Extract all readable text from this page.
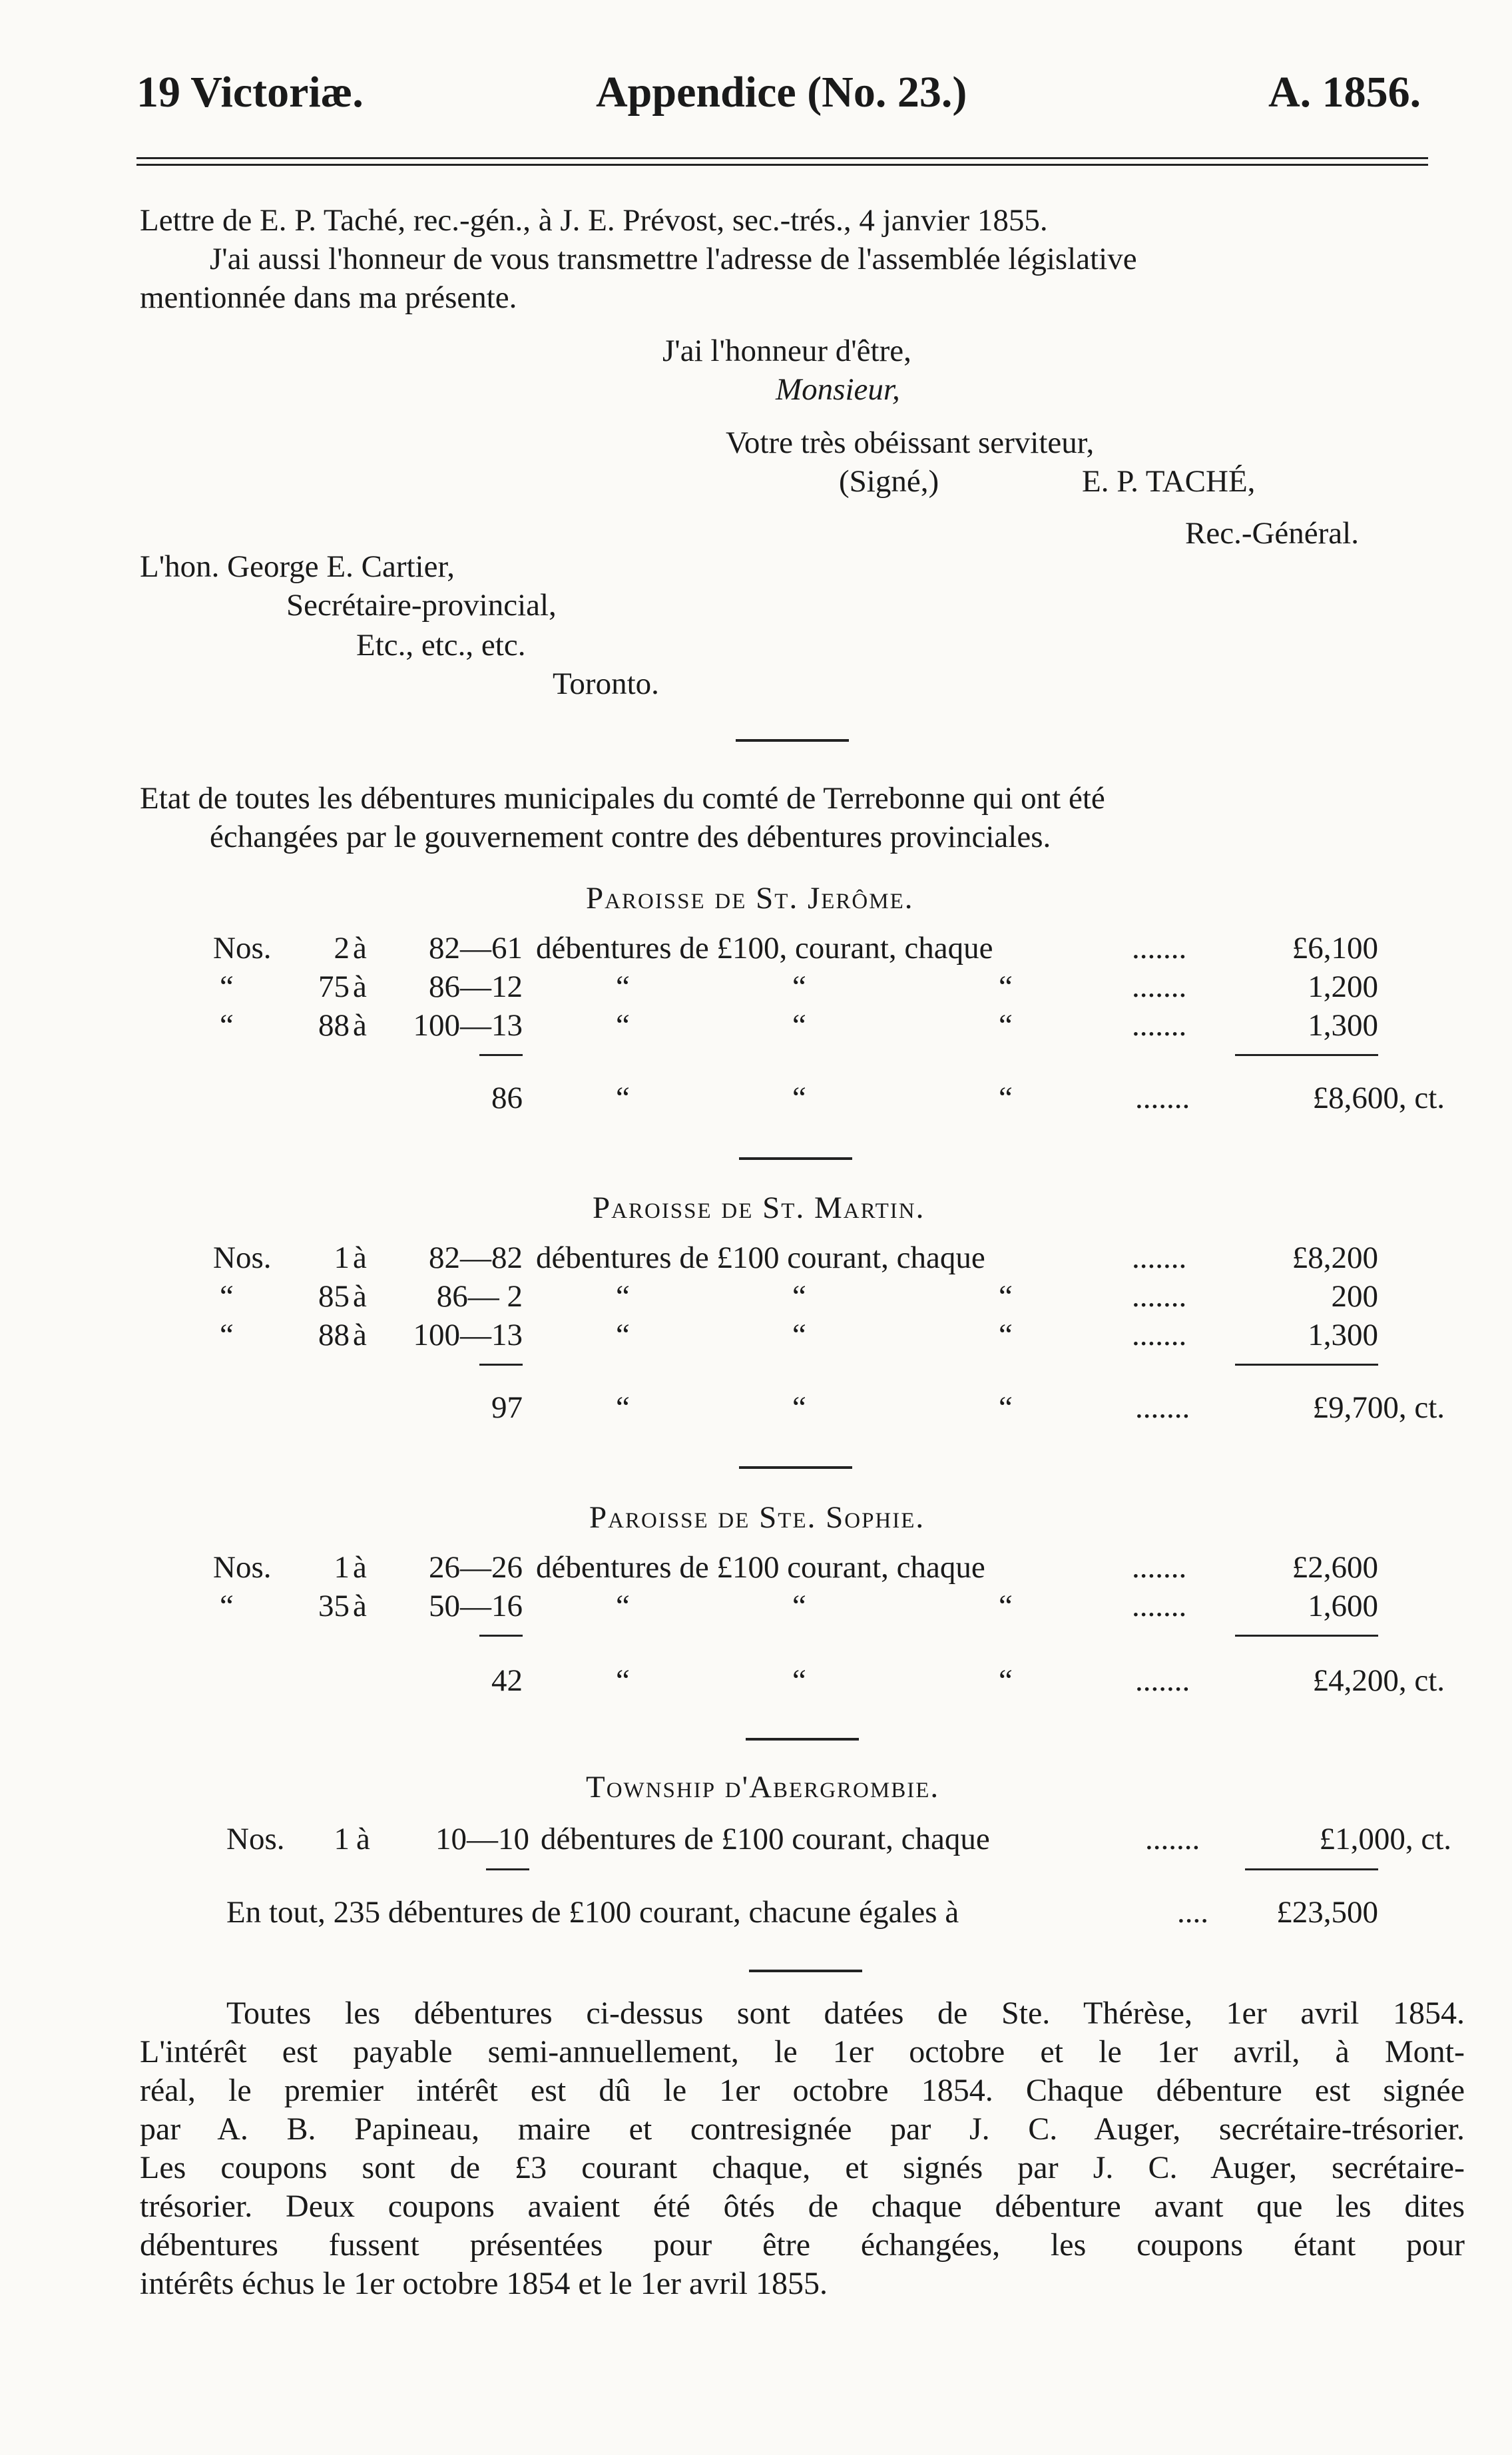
19 Victoriæ.	Appendice (No. 23.)	A. 1856.
Lettre de E. P. Taché, rec.-gén., à J. E. Prévost, sec.-trés., 4 janvier 1855.
J'ai aussi l'honneur de vous transmettre l'adresse de l'assemblée législative
mentionnée dans ma présente.
J'ai l'honneur d'être,
Monsieur,
Votre très obéissant serviteur,
(Signé,)	E. P. TACHÉ,
Rec.-Général.
L'hon. George E. Cartier,
Secrétaire-provincial,
Etc., etc., etc.
Toronto.
Etat de toutes les débentures municipales du comté de Terrebonne qui ont été
échangées par le gouvernement contre des débentures provinciales.
Paroisse de St. Jerôme.
Nos.	2 à	82—61 débentures de £100, courant, chaque	.......	£6,100
“	75 à	86—12	“	“	“	.......	1,200
“	88 à	100—13	“	“	“	.......	1,300
86	“	“	“	.......	£8,600, ct.
Paroisse de St. Martin.
Nos.	1 à	82—82 débentures de £100 courant, chaque	.......	£8,200
“	85 à	86— 2	“	“	“	.......	200
“	88 à	100—13	“	“	“	.......	1,300
97	“	“	“	.......	£9,700, ct.
Paroisse de Ste. Sophie.
Nos.	1 à	26—26 débentures de £100 courant, chaque	.......	£2,600
“	35 à	50—16	“	“	“	.......	1,600
42	“	“	“	.......	£4,200, ct.
Township d'Abergrombie.
Nos.	1 à	10—10 débentures de £100 courant, chaque	.......	£1,000, ct.
En tout, 235 débentures de £100 courant, chacune égales à	....	£23,500
Toutes les débentures ci-dessus sont datées de Ste. Thérèse, 1er avril 1854.
L'intérêt est payable semi-annuellement, le 1er octobre et le 1er avril, à Mont-
réal, le premier intérêt est dû le 1er octobre 1854. Chaque débenture est signée
par A. B. Papineau, maire et contresignée par J. C. Auger, secrétaire-trésorier.
Les coupons sont de £3 courant chaque, et signés par J. C. Auger, secrétaire-
trésorier. Deux coupons avaient été ôtés de chaque débenture avant que les dites
débentures fussent présentées pour être échangées, les coupons étant pour
intérêts échus le 1er octobre 1854 et le 1er avril 1855.
